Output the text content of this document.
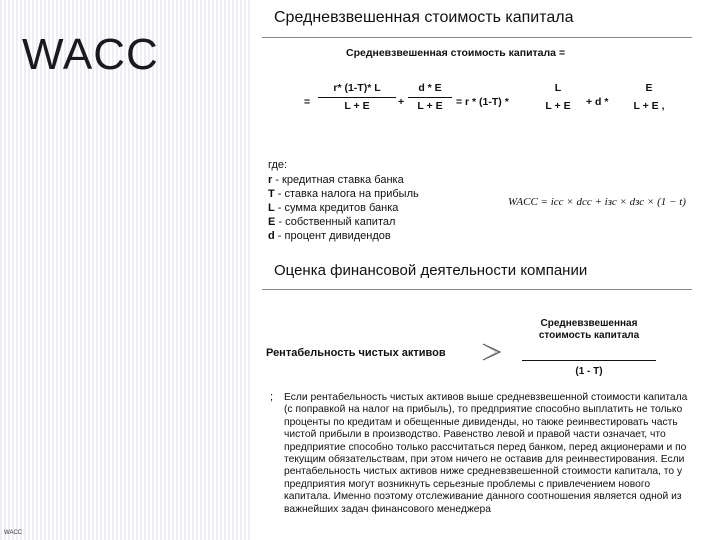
WACC
WACC
Средневзвешенная стоимость капитала
Средневзвешенная стоимость капитала =
=
r* (1-T)* L
L + E	+
d * E
L + E	= r * (1-T) *
L
L + E	+ d *
E
L + E ,
где:
r - кредитная ставка банка
T - ставка налога на прибыль
L - сумма кредитов банка
E - собственный капитал
d - процент дивидендов
WACC = iсс × dсс + iзс × dзс × (1 − t)
Оценка финансовой деятельности компании
Рентабельность чистых активов
Средневзвешенная стоимость капитала
(1 - T)
; Если рентабельность чистых активов выше средневзвешенной стоимости капитала (с поправкой на налог на прибыль), то предприятие способно выплатить не только проценты по кредитам и обещенные дивиденды, но также реинвестировать часть чистой прибыли в производство. Равенство левой и правой части означает, что предприятие способно только рассчитаться перед банком, перед акционерами и по текущим обязательствам, при этом ничего не оставив для реинвестирования. Если рентабельность чистых активов ниже средневзвешенной стоимости капитала, то у предприятия могут возникнуть серьезные проблемы с привлечением нового капитала. Именно поэтому отслеживание данного соотношения является одной из важнейших задач финансового менеджера
